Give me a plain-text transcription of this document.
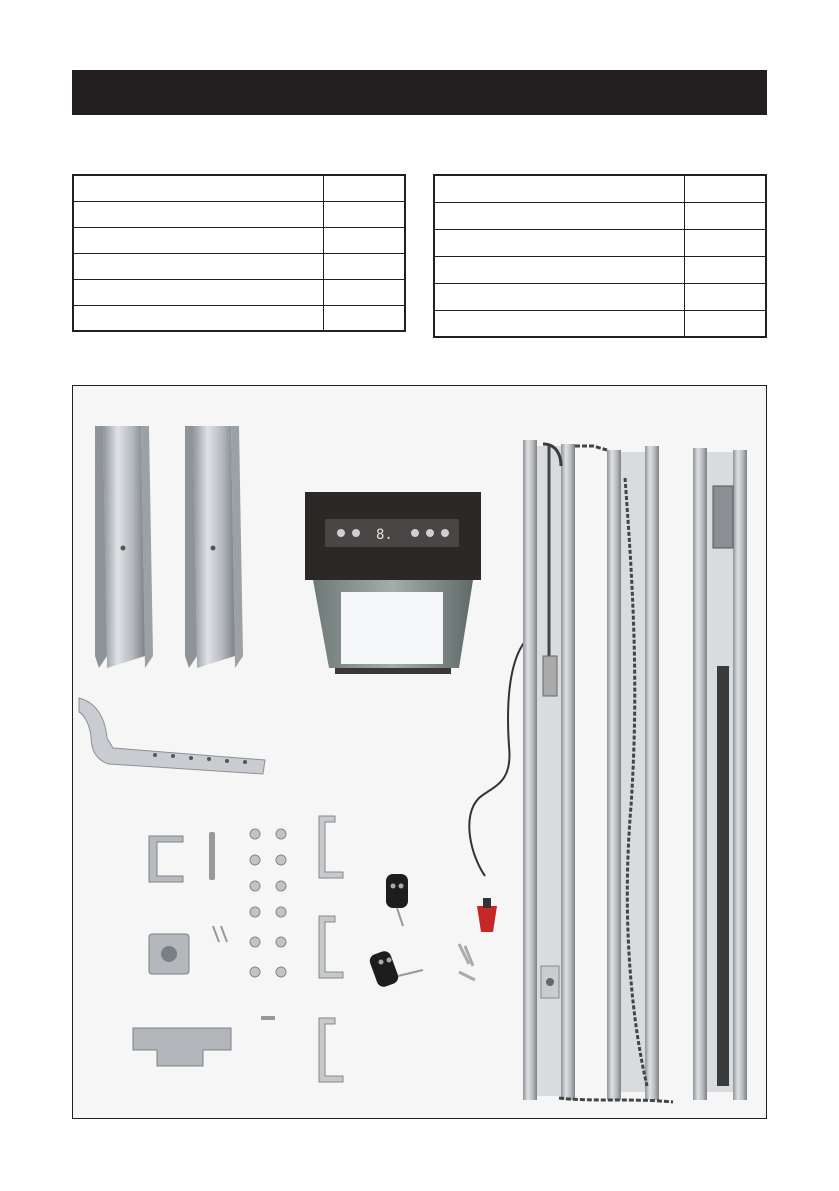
8.
